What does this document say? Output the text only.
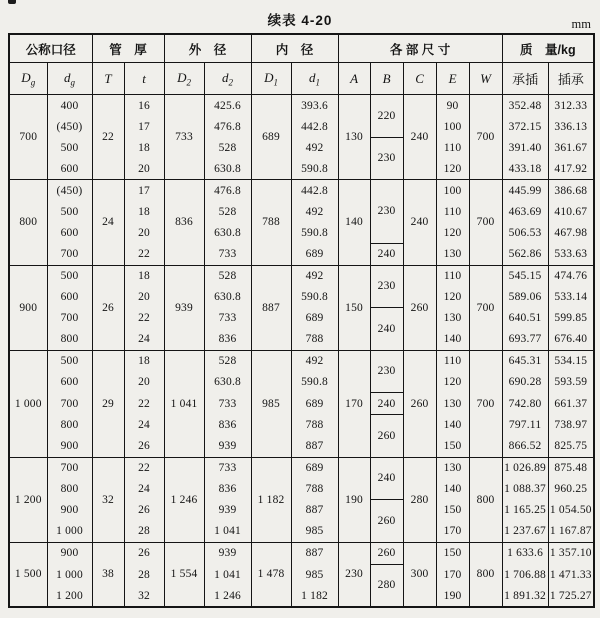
续表 4-20	mm
公称口径		管　厚		外　径		内　径		各 部 尺 寸					质　量/kg	
$D_g$	$d_g$	T	t	$D_2$	$d_2$	$D_1$	$d_1$	A	B	C	E	W	承插	插承
700	400	22	16	733	425.6	689	393.6	130	220	240	90	700	352.48	312.33
	(450)		17		476.8		442.8				100		372.15	336.13
	500		18		528		492		230		110		391.40	361.67
	600		20		630.8		590.8				120		433.18	417.92
800	(450)	24	17	836	476.8	788	442.8	140	230	240	100	700	445.99	386.68
	500		18		528		492				110		463.69	410.67
	600		20		630.8		590.8				120		506.53	467.98
	700		22		733		689		240		130		562.86	533.63
900	500	26	18	939	528	887	492	150	230	260	110	700	545.15	474.76
	600		20		630.8		590.8				120		589.06	533.14
	700		22		733		689		240		130		640.51	599.85
	800		24		836		788				140		693.77	676.40
1 000	500	29	18	1 041	528	985	492	170	230	260	110	700	645.31	534.15
	600		20		630.8		590.8				120		690.28	593.59
	700		22		733		689		240		130		742.80	661.37
	800		24		836		788		260		140		797.11	738.97
	900		26		939		887				150		866.52	825.75
1 200	700	32	22	1 246	733	1 182	689	190	240	280	130	800	1 026.89	875.48
	800		24		836		788				140		1 088.37	960.25
	900		26		939		887		260		150		1 165.25	1 054.50
	1 000		28		1 041		985				170		1 237.67	1 167.87
1 500	900	38	26	1 554	939	1 478	887	230	260	300	150	800	1 633.6	1 357.10
	1 000		28		1 041		985		280		170		1 706.88	1 471.33
	1 200		32		1 246		1 182				190		1 891.32	1 725.27
